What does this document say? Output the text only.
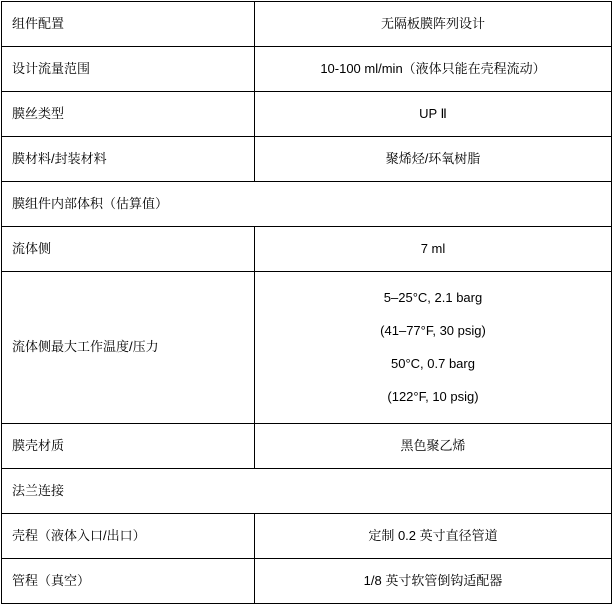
组件配置	无隔板膜阵列设计
设计流量范围	10-100 ml/min（液体只能在壳程流动）
膜丝类型	UP Ⅱ
膜材料/封装材料	聚烯烃/环氧树脂
膜组件内部体积（估算值）	
流体侧	7 ml
流体侧最大工作温度/压力	5–25°C, 2.1 barg
(41–77°F, 30 psig)
50°C, 0.7 barg
(122°F, 10 psig)

膜壳材质	黑色聚乙烯
法兰连接	
壳程（液体入口/出口）	定制 0.2 英寸直径管道
管程（真空）	1/8 英寸软管倒钩适配器
